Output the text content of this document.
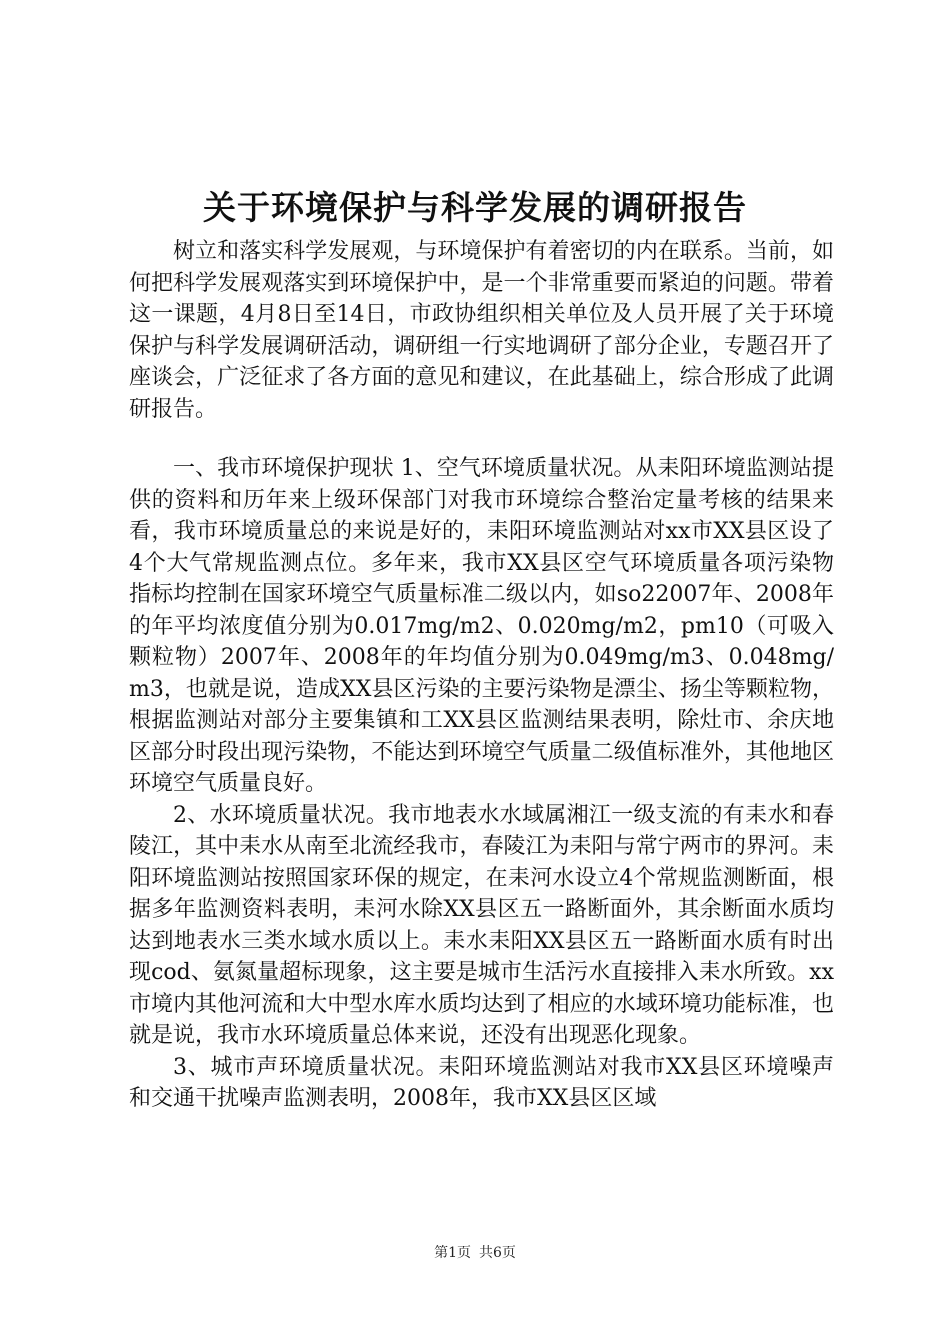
关于环境保护与科学发展的调研报告

树立和落实科学发展观，与环境保护有着密切的内在联系。当前，如何把科学发展观落实到环境保护中，是一个非常重要而紧迫的问题。带着这一课题，4月8日至14日，市政协组织相关单位及人员开展了关于环境保护与科学发展调研活动，调研组一行实地调研了部分企业，专题召开了座谈会，广泛征求了各方面的意见和建议，在此基础上，综合形成了此调研报告。

一、我市环境保护现状 1、空气环境质量状况。从耒阳环境监测站提供的资料和历年来上级环保部门对我市环境综合整治定量考核的结果来看，我市环境质量总的来说是好的，耒阳环境监测站对xx市XX县区设了4个大气常规监测点位。多年来，我市XX县区空气环境质量各项污染物指标均控制在国家环境空气质量标准二级以内，如so22007年、2008年的年平均浓度值分别为0.017mg/m2、0.020mg/m2，pm10（可吸入颗粒物）2007年、2008年的年均值分别为0.049mg/m3、0.048mg/m3，也就是说，造成XX县区污染的主要污染物是漂尘、扬尘等颗粒物，根据监测站对部分主要集镇和工XX县区监测结果表明，除灶市、余庆地区部分时段出现污染物，不能达到环境空气质量二级值标准外，其他地区环境空气质量良好。

2、水环境质量状况。我市地表水水域属湘江一级支流的有耒水和春陵江，其中耒水从南至北流经我市，春陵江为耒阳与常宁两市的界河。耒阳环境监测站按照国家环保的规定，在耒河水设立4个常规监测断面，根据多年监测资料表明，耒河水除XX县区五一路断面外，其余断面水质均达到地表水三类水域水质以上。耒水耒阳XX县区五一路断面水质有时出现cod、氨氮量超标现象，这主要是城市生活污水直接排入耒水所致。xx市境内其他河流和大中型水库水质均达到了相应的水域环境功能标准，也就是说，我市水环境质量总体来说，还没有出现恶化现象。

3、城市声环境质量状况。耒阳环境监测站对我市XX县区环境噪声和交通干扰噪声监测表明，2008年，我市XX县区区域

第1页 共6页
